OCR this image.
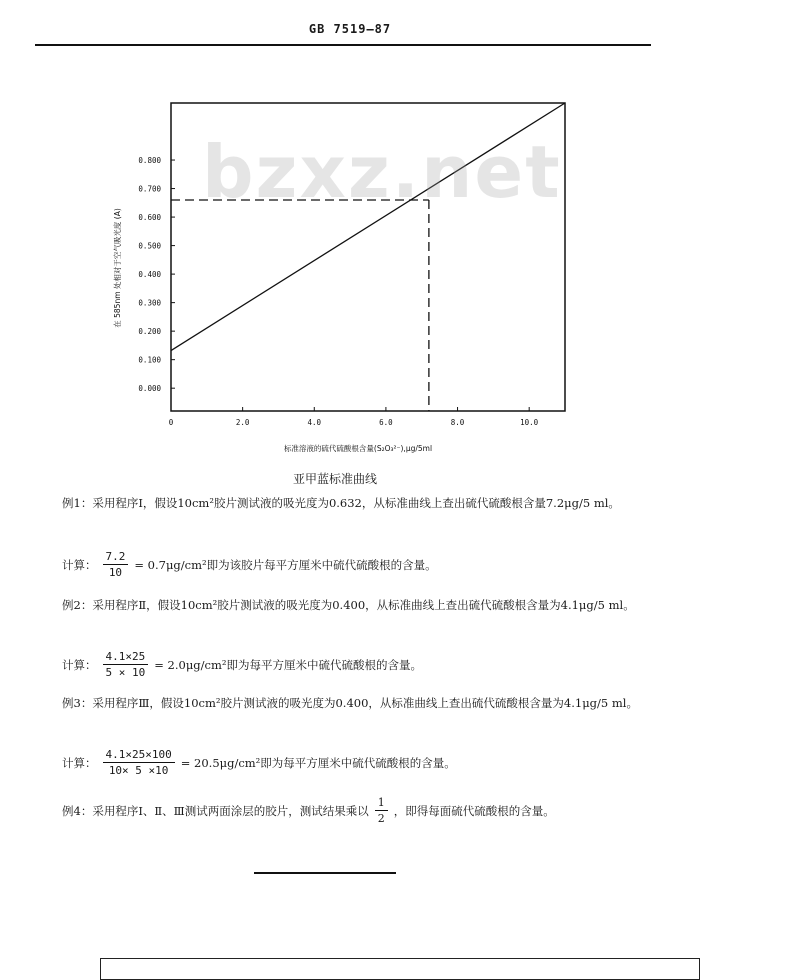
GB 7519—87
0.000
0.100
0.200
0.300
0.400
0.500
0.600
0.700
0.800
0	2.0	4.0	6.0	8.0	10.0
在 585nm 处相对于空气吸光度 (A)
标准溶液的硫代硫酸根含量(S₂O₃²⁻),μg/5ml
bzxz.net
亚甲蓝标准曲线
例1：采用程序Ⅰ，假设10cm²胶片测试液的吸光度为0.632，从标准曲线上查出硫代硫酸根含量7.2μg/5 ml。
计算： $\frac{7.2}{10} = 0.7\mu g/cm^2$即为该胶片每平方厘米中硫代硫酸根的含量。
例2：采用程序Ⅱ，假设10cm²胶片测试液的吸光度为0.400，从标准曲线上查出硫代硫酸根含量为4.1μg/5 ml。
计算： $\frac{4.1\times 25}{5 \times 10} = 2.0\mu g/cm^2$即为每平方厘米中硫代硫酸根的含量。
例3：采用程序Ⅲ，假设10cm²胶片测试液的吸光度为0.400，从标准曲线上查出硫代硫酸根含量为4.1μg/5 ml。
计算： $\frac{4.1\times 25\times 100}{10\times 5 \times 10} = 20.5\mu g/cm^2$即为每平方厘米中硫代硫酸根的含量。
例4：采用程序Ⅰ、Ⅱ、Ⅲ测试两面涂层的胶片，测试结果乘以 $\frac{1}{2}$ ，即得每面硫代硫酸根的含量。
